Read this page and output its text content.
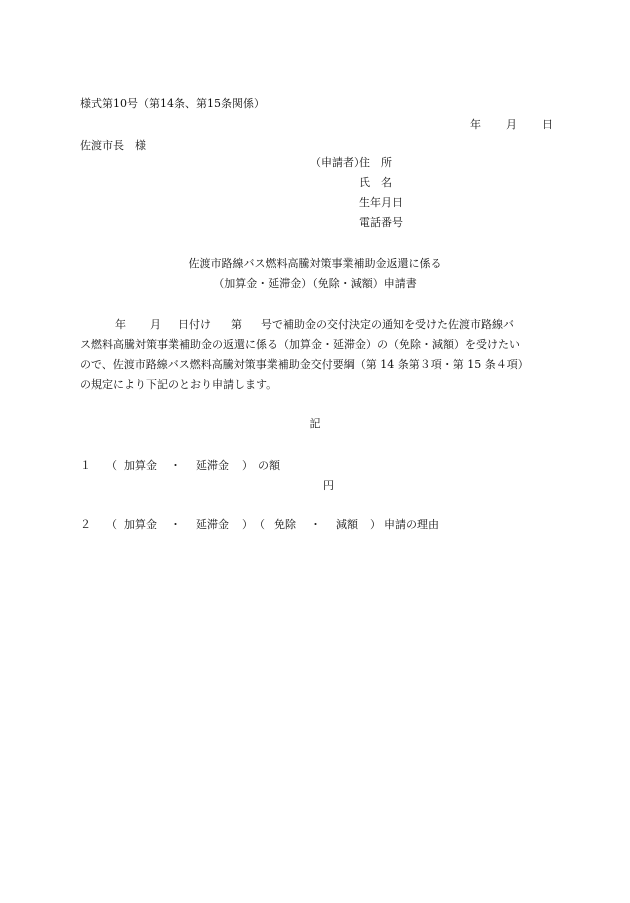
様式第10号（第14条、第15条関係）
年 月 日
佐渡市長　様
（申請者）
住　所
氏　名
生年月日
電話番号
佐渡市路線バス燃料高騰対策事業補助金返還に係る
（加算金・延滞金）（免除・減額）申請書
年 月 日付け 第 号で補助金の交付決定の通知を受けた佐渡市路線バ
ス燃料高騰対策事業補助金の返還に係る（加算金・延滞金）の（免除・減額）を受けたい
ので、佐渡市路線バス燃料高騰対策事業補助金交付要綱（第 14 条第３項・第 15 条４項）
の規定により下記のとおり申請します。
記
１ （ 加算金 ・ 延滞金 ） の額
円
２ （ 加算金 ・ 延滞金 ）（ 免除 ・ 減額 ） 申請の理由
